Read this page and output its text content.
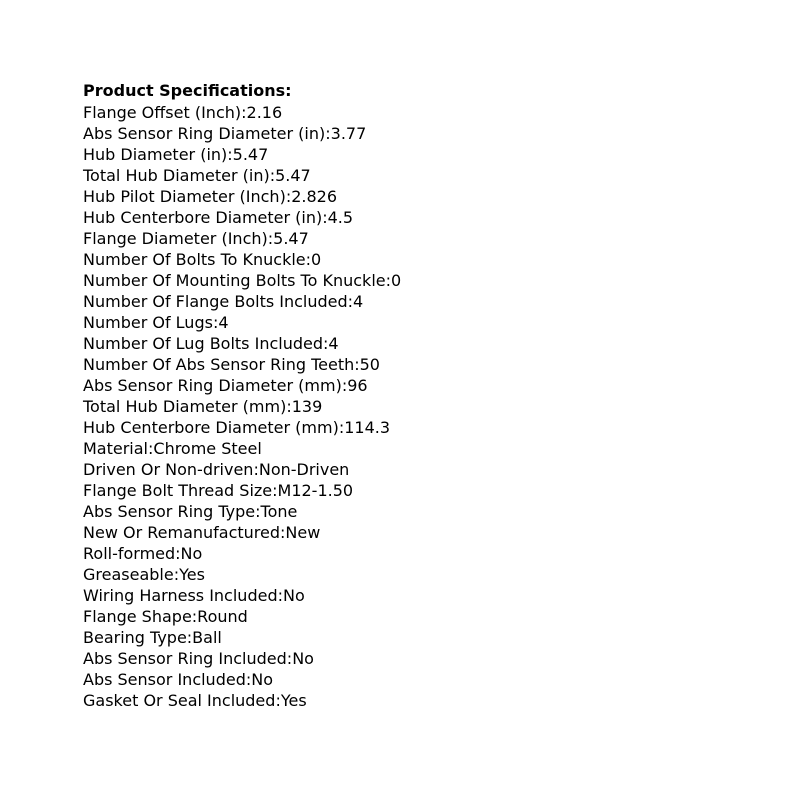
Product Specifications:
Flange Offset (Inch):2.16
Abs Sensor Ring Diameter (in):3.77
Hub Diameter (in):5.47
Total Hub Diameter (in):5.47
Hub Pilot Diameter (Inch):2.826
Hub Centerbore Diameter (in):4.5
Flange Diameter (Inch):5.47
Number Of Bolts To Knuckle:0
Number Of Mounting Bolts To Knuckle:0
Number Of Flange Bolts Included:4
Number Of Lugs:4
Number Of Lug Bolts Included:4
Number Of Abs Sensor Ring Teeth:50
Abs Sensor Ring Diameter (mm):96
Total Hub Diameter (mm):139
Hub Centerbore Diameter (mm):114.3
Material:Chrome Steel
Driven Or Non-driven:Non-Driven
Flange Bolt Thread Size:M12-1.50
Abs Sensor Ring Type:Tone
New Or Remanufactured:New
Roll-formed:No
Greaseable:Yes
Wiring Harness Included:No
Flange Shape:Round
Bearing Type:Ball
Abs Sensor Ring Included:No
Abs Sensor Included:No
Gasket Or Seal Included:Yes
